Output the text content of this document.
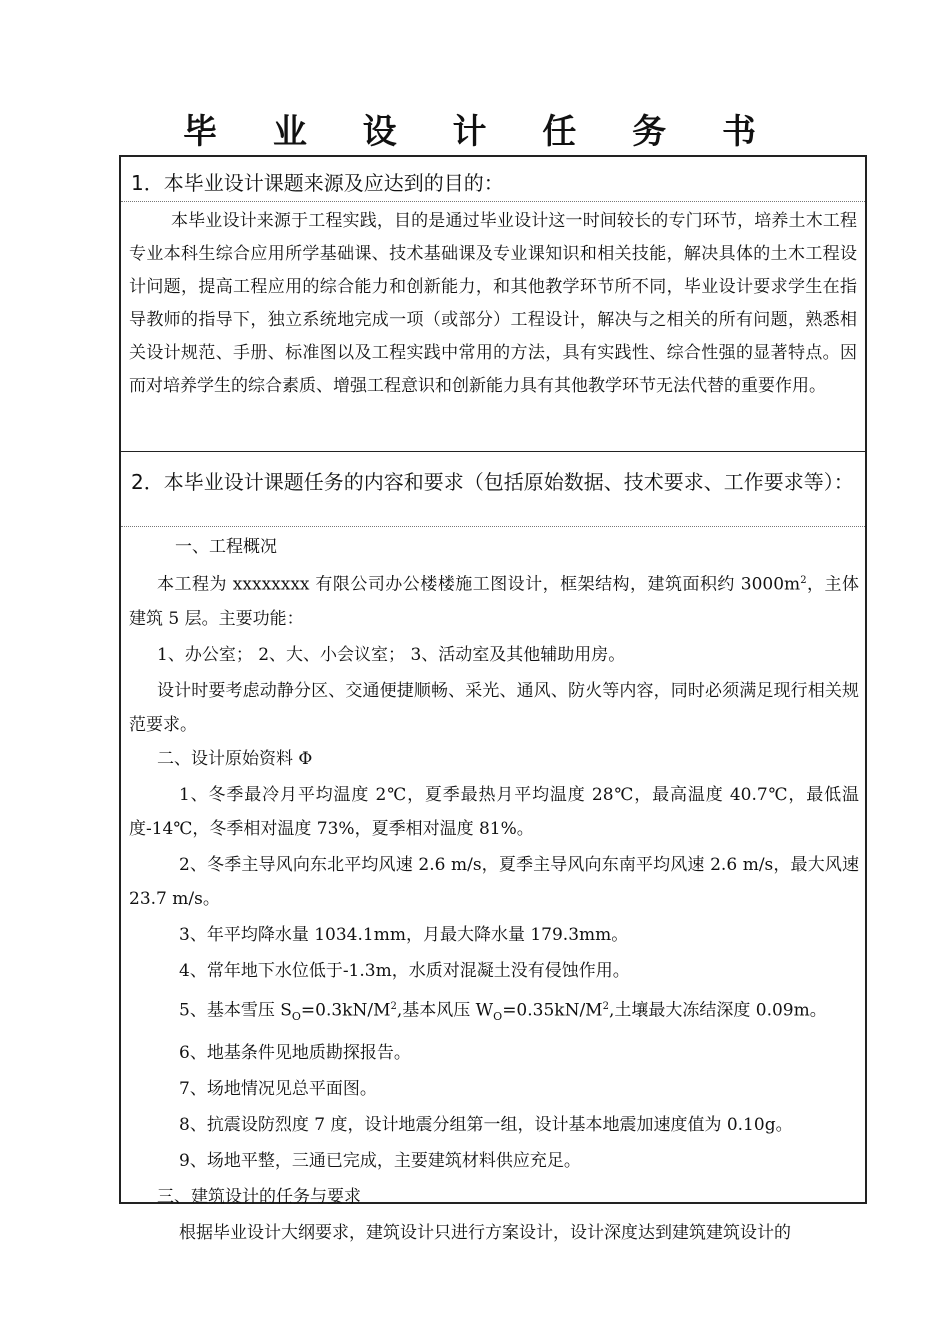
毕 业 设 计 任 务 书
1．本毕业设计课题来源及应达到的目的：
本毕业设计来源于工程实践，目的是通过毕业设计这一时间较长的专门环节，培养土木工程专业本科生综合应用所学基础课、技术基础课及专业课知识和相关技能，解决具体的土木工程设计问题，提高工程应用的综合能力和创新能力，和其他教学环节所不同，毕业设计要求学生在指导教师的指导下，独立系统地完成一项（或部分）工程设计，解决与之相关的所有问题，熟悉相关设计规范、手册、标准图以及工程实践中常用的方法，具有实践性、综合性强的显著特点。因而对培养学生的综合素质、增强工程意识和创新能力具有其他教学环节无法代替的重要作用。
2．本毕业设计课题任务的内容和要求（包括原始数据、技术要求、工作要求等）：

一、工程概况

本工程为 xxxxxxxx 有限公司办公楼楼施工图设计，框架结构，建筑面积约 $3000m^2$，主体建筑 5 层。主要功能：

1、办公室； 2、大、小会议室； 3、活动室及其他辅助用房。

设计时要考虑动静分区、交通便捷顺畅、采光、通风、防火等内容，同时必须满足现行相关规范要求。

二、设计原始资料 Φ

1、冬季最冷月平均温度 2℃，夏季最热月平均温度 28℃，最高温度 40.7℃，最低温度-14℃，冬季相对温度 73%，夏季相对温度 81%。

2、冬季主导风向东北平均风速 2.6 m/s，夏季主导风向东南平均风速 2.6 m/s，最大风速 23.7 m/s。

3、年平均降水量 1034.1mm，月最大降水量 179.3mm。

4、常年地下水位低于-1.3m，水质对混凝土没有侵蚀作用。

5、基本雪压 $S_O=0.3kN/M^2$,基本风压 $W_O=0.35kN/M^2$,土壤最大冻结深度 0.09m。

6、地基条件见地质勘探报告。

7、场地情况见总平面图。

8、抗震设防烈度 7 度，设计地震分组第一组，设计基本地震加速度值为 0.10g。

9、场地平整，三通已完成，主要建筑材料供应充足。

三、建筑设计的任务与要求

根据毕业设计大纲要求，建筑设计只进行方案设计，设计深度达到建筑建筑设计的
